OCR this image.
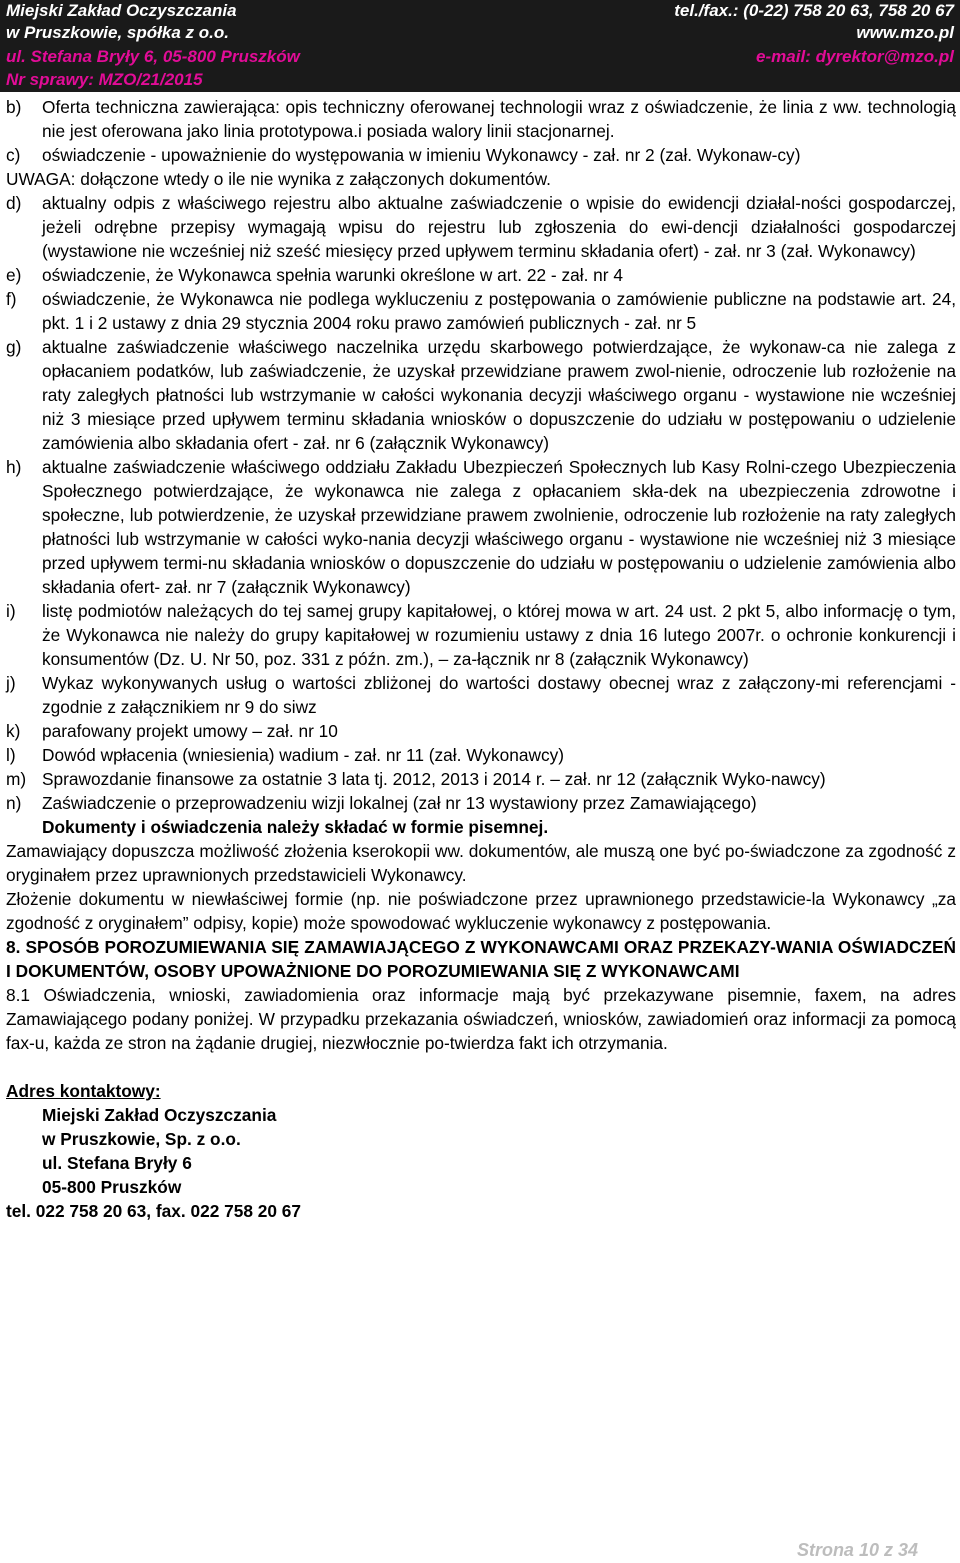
Miejski Zakład Oczyszczania
w Pruszkowie, spółka z o.o.
ul. Stefana Bryły 6, 05-800 Pruszków
Nr sprawy: MZO/21/2015
tel./fax.: (0-22) 758 20 63, 758 20 67
www.mzo.pl
e-mail: dyrektor@mzo.pl
b)	Oferta techniczna zawierająca: opis techniczny oferowanej technologii wraz z oświadczenie, że linia z ww. technologią nie jest oferowana jako linia prototypowa.i posiada walory linii stacjonarnej.
c)	oświadczenie - upoważnienie do występowania w imieniu Wykonawcy - zał. nr 2 (zał. Wykonaw-cy)
UWAGA: dołączone wtedy o ile nie wynika z załączonych dokumentów.
d)	aktualny odpis z właściwego rejestru albo aktualne zaświadczenie o wpisie do ewidencji działal-ności gospodarczej, jeżeli odrębne przepisy wymagają wpisu do rejestru lub zgłoszenia do ewi-dencji działalności gospodarczej (wystawione nie wcześniej niż sześć miesięcy przed upływem terminu składania ofert) - zał. nr 3 (zał. Wykonawcy)
e)	oświadczenie, że Wykonawca spełnia warunki określone w art. 22 - zał. nr 4
f)	oświadczenie, że Wykonawca nie podlega wykluczeniu z postępowania o zamówienie publiczne na podstawie art. 24, pkt. 1 i 2 ustawy z dnia 29 stycznia 2004 roku prawo zamówień publicznych - zał. nr 5
g)	aktualne zaświadczenie właściwego naczelnika urzędu skarbowego potwierdzające, że wykonaw-ca nie zalega z opłacaniem podatków, lub zaświadczenie, że uzyskał przewidziane prawem zwol-nienie, odroczenie lub rozłożenie na raty zaległych płatności lub wstrzymanie w całości wykonania decyzji właściwego organu - wystawione nie wcześniej niż 3 miesiące przed upływem terminu składania wniosków o dopuszczenie do udziału w postępowaniu o udzielenie zamówienia albo składania ofert - zał. nr 6 (załącznik Wykonawcy)
h)	aktualne zaświadczenie właściwego oddziału Zakładu Ubezpieczeń Społecznych lub Kasy Rolni-czego Ubezpieczenia Społecznego potwierdzające, że wykonawca nie zalega z opłacaniem skła-dek na ubezpieczenia zdrowotne i społeczne, lub potwierdzenie, że uzyskał przewidziane prawem zwolnienie, odroczenie lub rozłożenie na raty zaległych płatności lub wstrzymanie w całości wyko-nania decyzji właściwego organu - wystawione nie wcześniej niż 3 miesiące przed upływem termi-nu składania wniosków o dopuszczenie do udziału w postępowaniu o udzielenie zamówienia albo składania ofert- zał. nr 7 (załącznik Wykonawcy)
i)	listę podmiotów należących do tej samej grupy kapitałowej, o której mowa w art. 24 ust. 2 pkt 5, albo informację o tym, że Wykonawca nie należy do grupy kapitałowej w rozumieniu ustawy z dnia 16 lutego 2007r. o ochronie konkurencji i konsumentów (Dz. U. Nr 50, poz. 331 z późn. zm.), – za-łącznik nr 8 (załącznik Wykonawcy)
j)	Wykaz wykonywanych usług o wartości zbliżonej do wartości dostawy obecnej wraz z załączony-mi referencjami - zgodnie z załącznikiem nr 9 do siwz
k)	parafowany projekt umowy – zał. nr 10
l)	Dowód wpłacenia (wniesienia) wadium - zał. nr 11 (zał. Wykonawcy)
m) Sprawozdanie finansowe za ostatnie 3 lata tj. 2012, 2013 i 2014 r. – zał. nr 12 (załącznik Wyko-nawcy)
n)	Zaświadczenie o przeprowadzeniu wizji lokalnej (zał nr 13 wystawiony przez Zamawiającego)
Dokumenty i oświadczenia należy składać w formie pisemnej.
Zamawiający dopuszcza możliwość złożenia kserokopii ww. dokumentów, ale muszą one być po-świadczone za zgodność z oryginałem przez uprawnionych przedstawicieli Wykonawcy.
Złożenie dokumentu w niewłaściwej formie (np. nie poświadczone przez uprawnionego przedstawicie-la Wykonawcy „za zgodność z oryginałem” odpisy, kopie) może spowodować wykluczenie wykonawcy z postępowania.
8. SPOSÓB POROZUMIEWANIA SIĘ ZAMAWIAJĄCEGO Z WYKONAWCAMI ORAZ PRZEKAZY-WANIA OŚWIADCZEŃ I DOKUMENTÓW, OSOBY UPOWAŻNIONE DO POROZUMIEWANIA SIĘ Z WYKONAWCAMI
8.1 Oświadczenia, wnioski, zawiadomienia oraz informacje mają być przekazywane pisemnie, faxem, na adres Zamawiającego podany poniżej. W przypadku przekazania oświadczeń, wniosków, zawiadomień oraz informacji za pomocą fax-u, każda ze stron na żądanie drugiej, niezwłocznie po-twierdza fakt ich otrzymania.
Adres kontaktowy:
Miejski Zakład Oczyszczania
w Pruszkowie, Sp. z o.o.
ul. Stefana Bryły 6
05-800 Pruszków
tel. 022 758 20 63, fax. 022 758 20 67
Strona 10 z 34
